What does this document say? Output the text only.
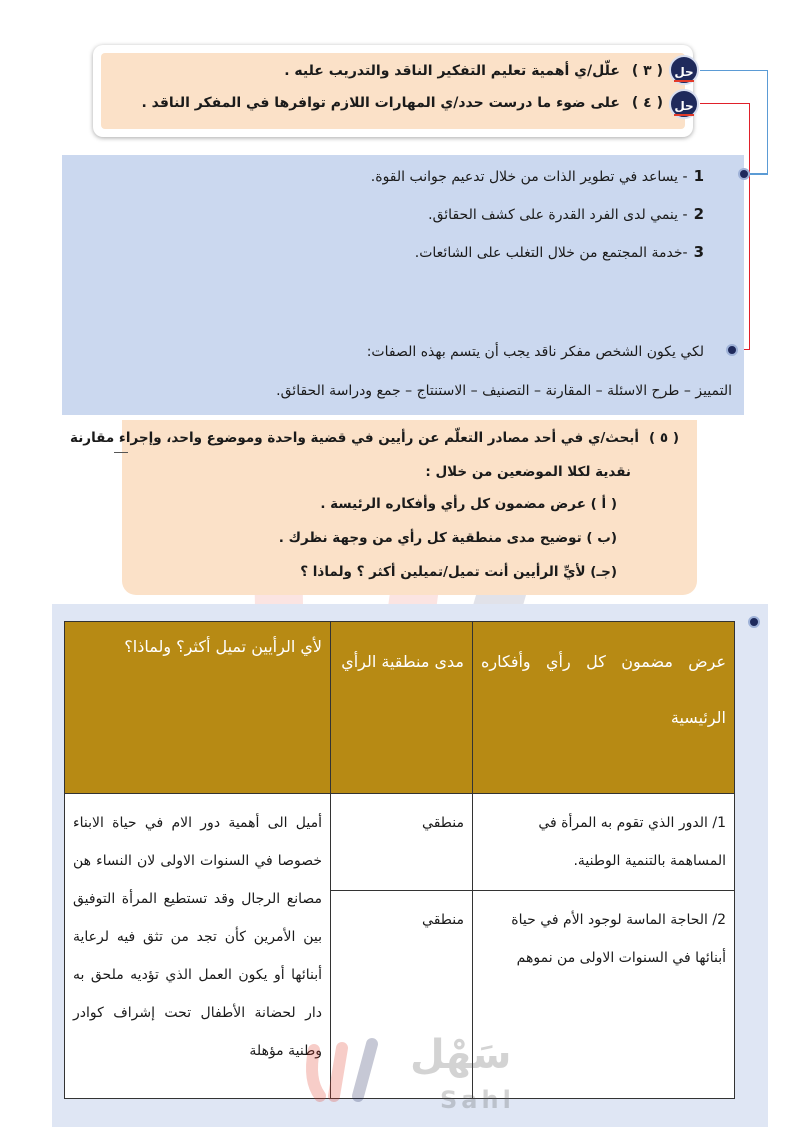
( ٣ )علّل/ي أهمية تعليم التفكير الناقد والتدريب عليه .
( ٤ )على ضوء ما درست حدد/ي المهارات اللازم توافرها في المفكر الناقد .
حل
حل
1- يساعد في تطوير الذات من خلال تدعيم جوانب القوة.
2- ينمي لدى الفرد القدرة على كشف الحقائق.
3-خدمة المجتمع من خلال التغلب على الشائعات.
لكي يكون الشخص مفكر ناقد يجب أن يتسم بهذه الصفات:
التمييز – طرح الاسئلة – المقارنة – التصنيف – الاستنتاج – جمع ودراسة الحقائق.
( ٥ )أبحث/ي في أحد مصادر التعلّم عن رأيين في قضية واحدة وموضوع واحد، وإجراء مقارنة
نقدية لكلا الموضعين من خلال :
( أ ) عرض مضمون كل رأي وأفكاره الرئيسة .
(ب ) توضيح مدى منطقية كل رأي من وجهة نظرك .
(جـ) لأيِّ الرأيين أنت تميل/تميلين أكثر ؟ ولماذا ؟
عرض مضمون كل رأي وأفكاره الرئيسية	مدى منطقية الرأي	لأي الرأيين تميل أكثر؟ ولماذا؟
1/ الدور الذي تقوم به المرأة في المساهمة بالتنمية الوطنية.	منطقي	أميل الى أهمية دور الام في حياة الابناء خصوصا في السنوات الاولى لان النساء هن مصانع الرجال وقد تستطيع المرأة التوفيق بين الأمرين كأن تجد من تثق فيه لرعاية أبنائها أو يكون العمل الذي تؤديه ملحق به دار لحضانة الأطفال تحت إشراف كوادر وطنية مؤهلة
2/ الحاجة الماسة لوجود الأم في حياة أبنائها في السنوات الاولى من نموهم	منطقي	
سَهْل
Sahl
